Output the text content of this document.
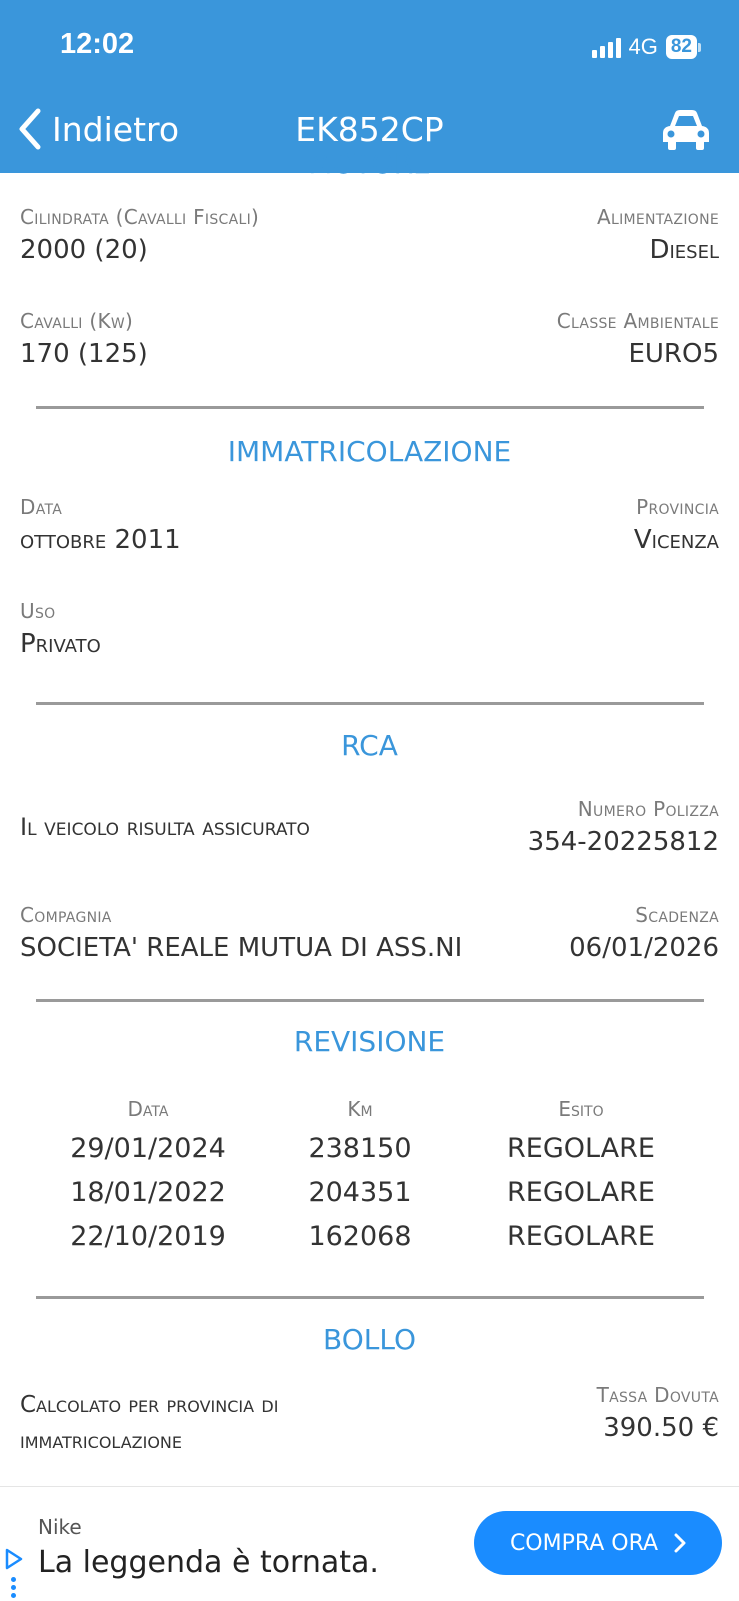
12:02	4G 82
Indietro	EK852CP
MOTORE
Cilindrata (Cavalli Fiscali)
2000 (20)
Alimentazione
Diesel
Cavalli (Kw)
170 (125)
Classe Ambientale
EURO5
IMMATRICOLAZIONE
Data
ottobre 2011
Provincia
Vicenza
Uso
Privato
RCA
Il veicolo risulta assicurato
Numero Polizza
354-20225812
Compagnia
SOCIETA' REALE MUTUA DI ASS.NI
Scadenza
06/01/2026
REVISIONE
Data	Km	Esito
29/01/2024	238150	REGOLARE
18/01/2022	204351	REGOLARE
22/10/2019	162068	REGOLARE
BOLLO
Calcolato per provincia di
immatricolazione
Tassa Dovuta
390.50 €
Nike
La leggenda è tornata.
COMPRA ORA
